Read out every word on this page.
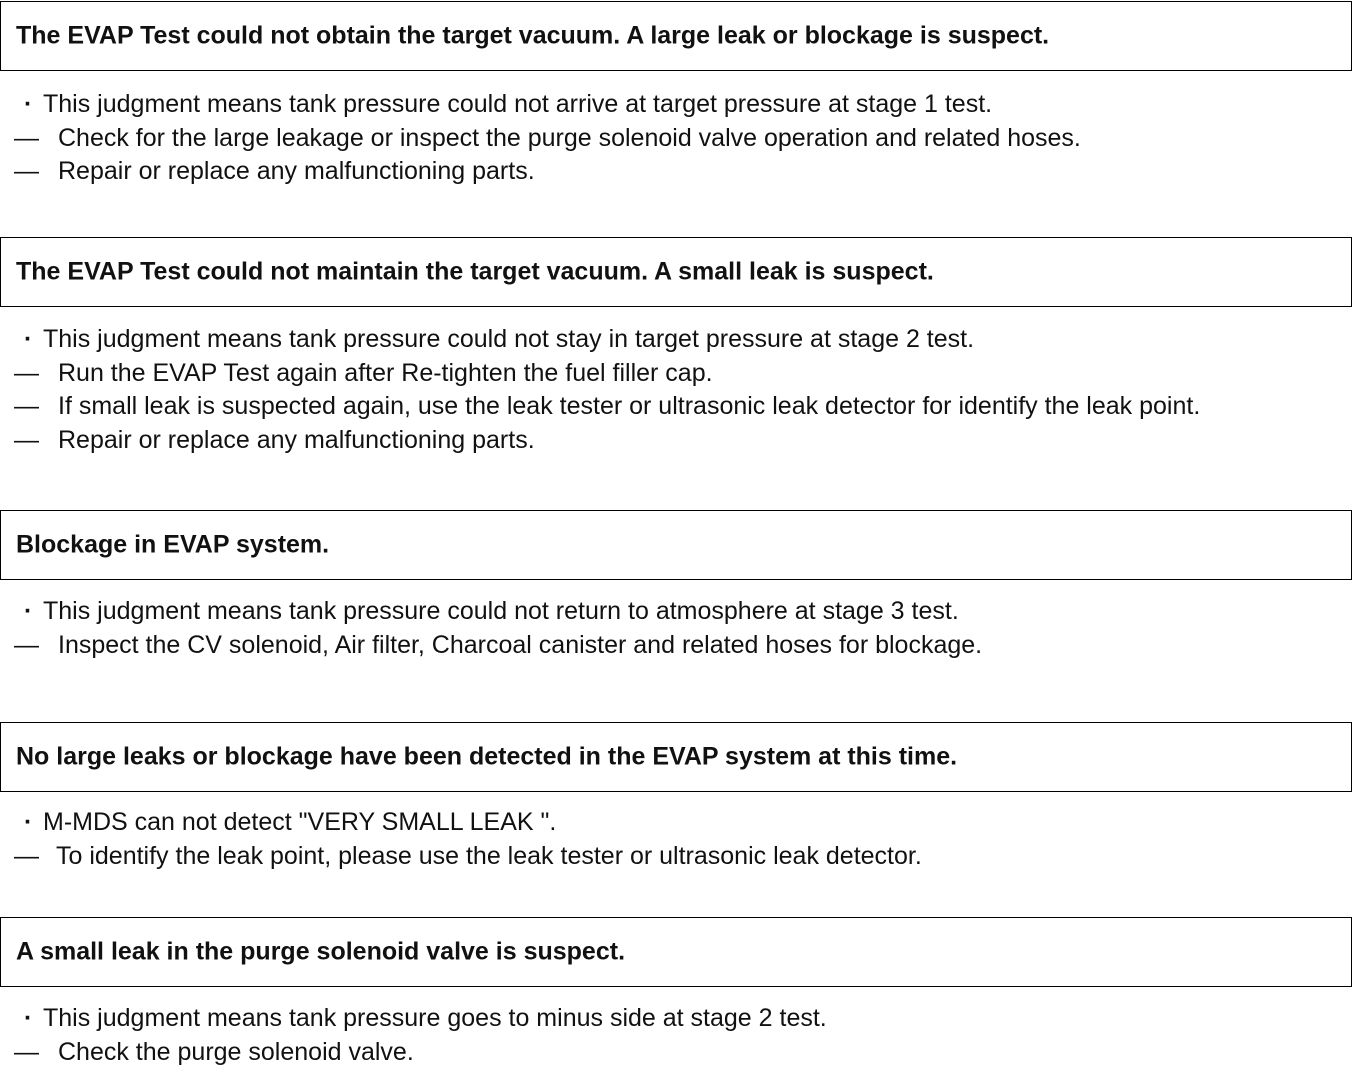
The EVAP Test could not obtain the target vacuum. A large leak or blockage is suspect.
· This judgment means tank pressure could not arrive at target pressure at stage 1 test.
— Check for the large leakage or inspect the purge solenoid valve operation and related hoses.
— Repair or replace any malfunctioning parts.
The EVAP Test could not maintain the target vacuum. A small leak is suspect.
· This judgment means tank pressure could not stay in target pressure at stage 2 test.
— Run the EVAP Test again after Re-tighten the fuel filler cap.
— If small leak is suspected again, use the leak tester or ultrasonic leak detector for identify the leak point.
— Repair or replace any malfunctioning parts.
Blockage in EVAP system.
· This judgment means tank pressure could not return to atmosphere at stage 3 test.
— Inspect the CV solenoid, Air filter, Charcoal canister and related hoses for blockage.
No large leaks or blockage have been detected in the EVAP system at this time.
· M-MDS can not detect "VERY SMALL LEAK ".
— To identify the leak point, please use the leak tester or ultrasonic leak detector.
A small leak in the purge solenoid valve is suspect.
· This judgment means tank pressure goes to minus side at stage 2 test.
— Check the purge solenoid valve.
